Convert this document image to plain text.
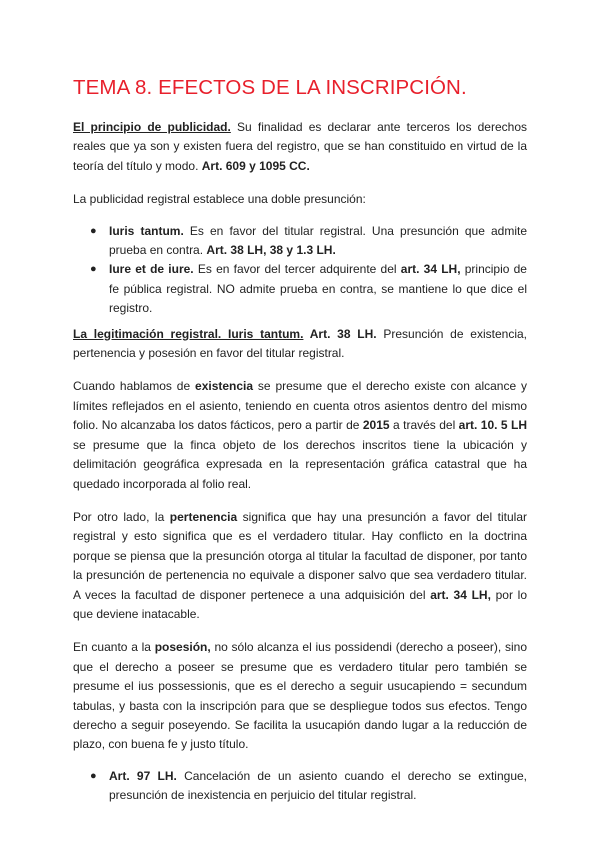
TEMA 8. EFECTOS DE LA INSCRIPCIÓN.

El principio de publicidad. Su finalidad es declarar ante terceros los derechos reales que ya son y existen fuera del registro, que se han constituido en virtud de la teoría del título y modo. Art. 609 y 1095 CC.

La publicidad registral establece una doble presunción:

● Iuris tantum. Es en favor del titular registral. Una presunción que admite prueba en contra. Art. 38 LH, 38 y 1.3 LH.
● Iure et de iure. Es en favor del tercer adquirente del art. 34 LH, principio de fe pública registral. NO admite prueba en contra, se mantiene lo que dice el registro.

La legitimación registral. Iuris tantum. Art. 38 LH. Presunción de existencia, pertenencia y posesión en favor del titular registral.

Cuando hablamos de existencia se presume que el derecho existe con alcance y límites reflejados en el asiento, teniendo en cuenta otros asientos dentro del mismo folio. No alcanzaba los datos fácticos, pero a partir de 2015 a través del art. 10. 5 LH se presume que la finca objeto de los derechos inscritos tiene la ubicación y delimitación geográfica expresada en la representación gráfica catastral que ha quedado incorporada al folio real.

Por otro lado, la pertenencia significa que hay una presunción a favor del titular registral y esto significa que es el verdadero titular. Hay conflicto en la doctrina porque se piensa que la presunción otorga al titular la facultad de disponer, por tanto la presunción de pertenencia no equivale a disponer salvo que sea verdadero titular. A veces la facultad de disponer pertenece a una adquisición del art. 34 LH, por lo que deviene inatacable.

En cuanto a la posesión, no sólo alcanza el ius possidendi (derecho a poseer), sino que el derecho a poseer se presume que es verdadero titular pero también se presume el ius possessionis, que es el derecho a seguir usucapiendo = secundum tabulas, y basta con la inscripción para que se despliegue todos sus efectos. Tengo derecho a seguir poseyendo. Se facilita la usucapión dando lugar a la reducción de plazo, con buena fe y justo título.

● Art. 97 LH. Cancelación de un asiento cuando el derecho se extingue, presunción de inexistencia en perjuicio del titular registral.
